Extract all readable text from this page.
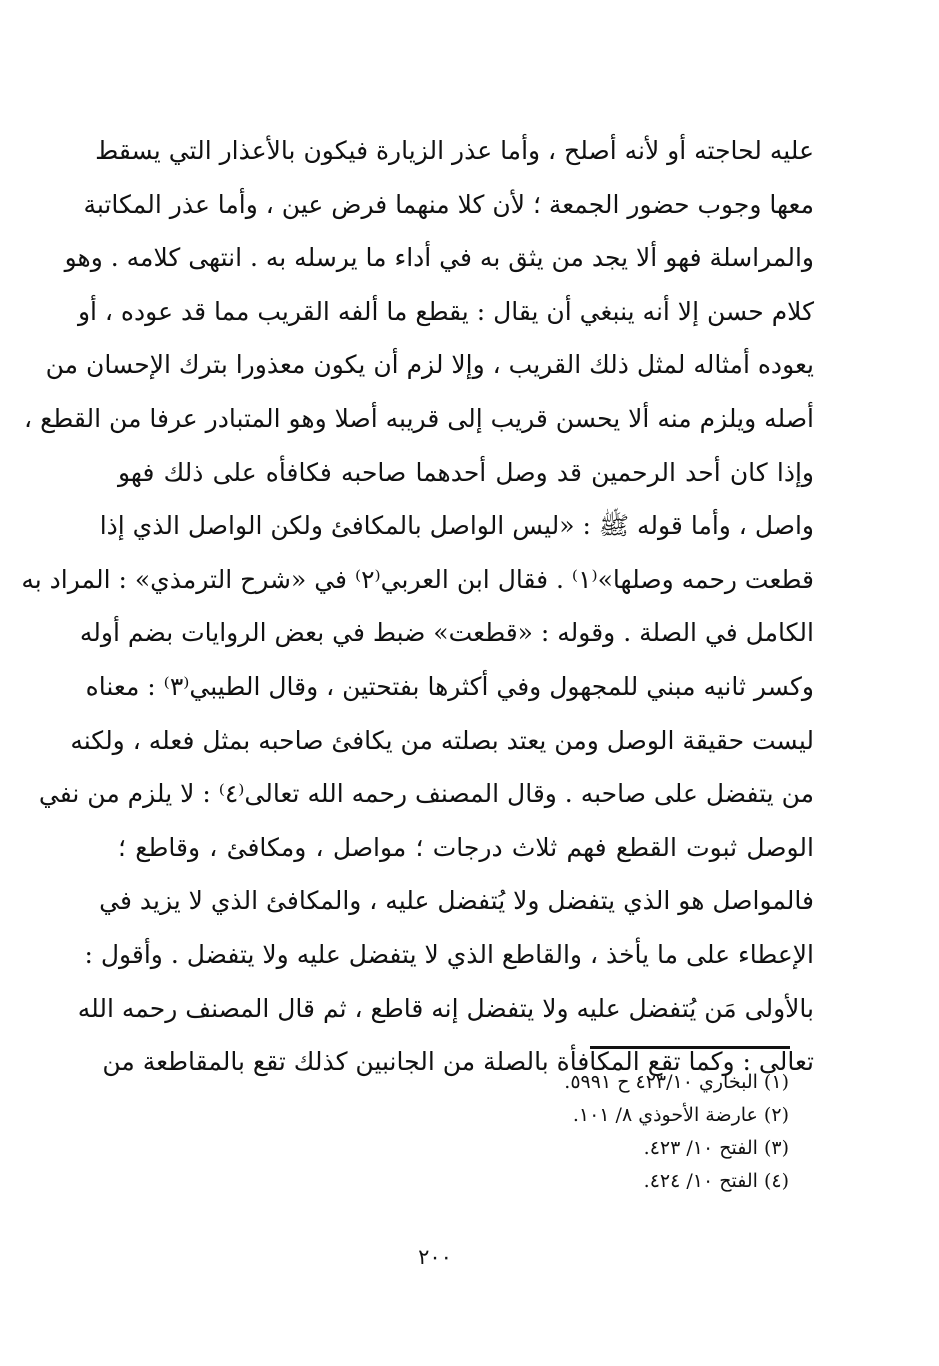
عليه لحاجته أو لأنه أصلح ، وأما عذر الزيارة فيكون بالأعذار التي يسقط
معها وجوب حضور الجمعة ؛ لأن كلا منهما فرض عين ، وأما عذر المكاتبة
والمراسلة فهو ألا يجد من يثق به في أداء ما يرسله به . انتهى كلامه . وهو
كلام حسن إلا أنه ينبغي أن يقال : يقطع ما ألفه القريب مما قد عوده ، أو
يعوده أمثاله لمثل ذلك القريب ، وإلا لزم أن يكون معذورا بترك الإحسان من
أصله ويلزم منه ألا يحسن قريب إلى قريبه أصلا وهو المتبادر عرفا من القطع ،
وإذا كان أحد الرحمين قد وصل أحدهما صاحبه فكافأه على ذلك فهو
واصل ، وأما قوله ﷺ : «ليس الواصل بالمكافئ ولكن الواصل الذي إذا
قطعت رحمه وصلها»⁽١⁾ . فقال ابن العربي⁽٢⁾ في «شرح الترمذي» : المراد به
الكامل في الصلة . وقوله : «قطعت» ضبط في بعض الروايات بضم أوله
وكسر ثانيه مبني للمجهول وفي أكثرها بفتحتين ، وقال الطيبي⁽٣⁾ : معناه
ليست حقيقة الوصل ومن يعتد بصلته من يكافئ صاحبه بمثل فعله ، ولكنه
من يتفضل على صاحبه . وقال المصنف رحمه الله تعالى⁽٤⁾ : لا يلزم من نفي
الوصل ثبوت القطع فهم ثلاث درجات ؛ مواصل ، ومكافئ ، وقاطع ؛
فالمواصل هو الذي يتفضل ولا يُتفضل عليه ، والمكافئ الذي لا يزيد في
الإعطاء على ما يأخذ ، والقاطع الذي لا يتفضل عليه ولا يتفضل . وأقول :
بالأولى مَن يُتفضل عليه ولا يتفضل إنه قاطع ، ثم قال المصنف رحمه الله
تعالى : وكما تقع المكافأة بالصلة من الجانبين كذلك تقع بالمقاطعة من
(١) البخاري ٤٢٣/١٠ ح ٥٩٩١.
(٢) عارضة الأحوذي ٨/ ١٠١.
(٣) الفتح ١٠/ ٤٢٣.
(٤) الفتح ١٠/ ٤٢٤.
٢٠٠
